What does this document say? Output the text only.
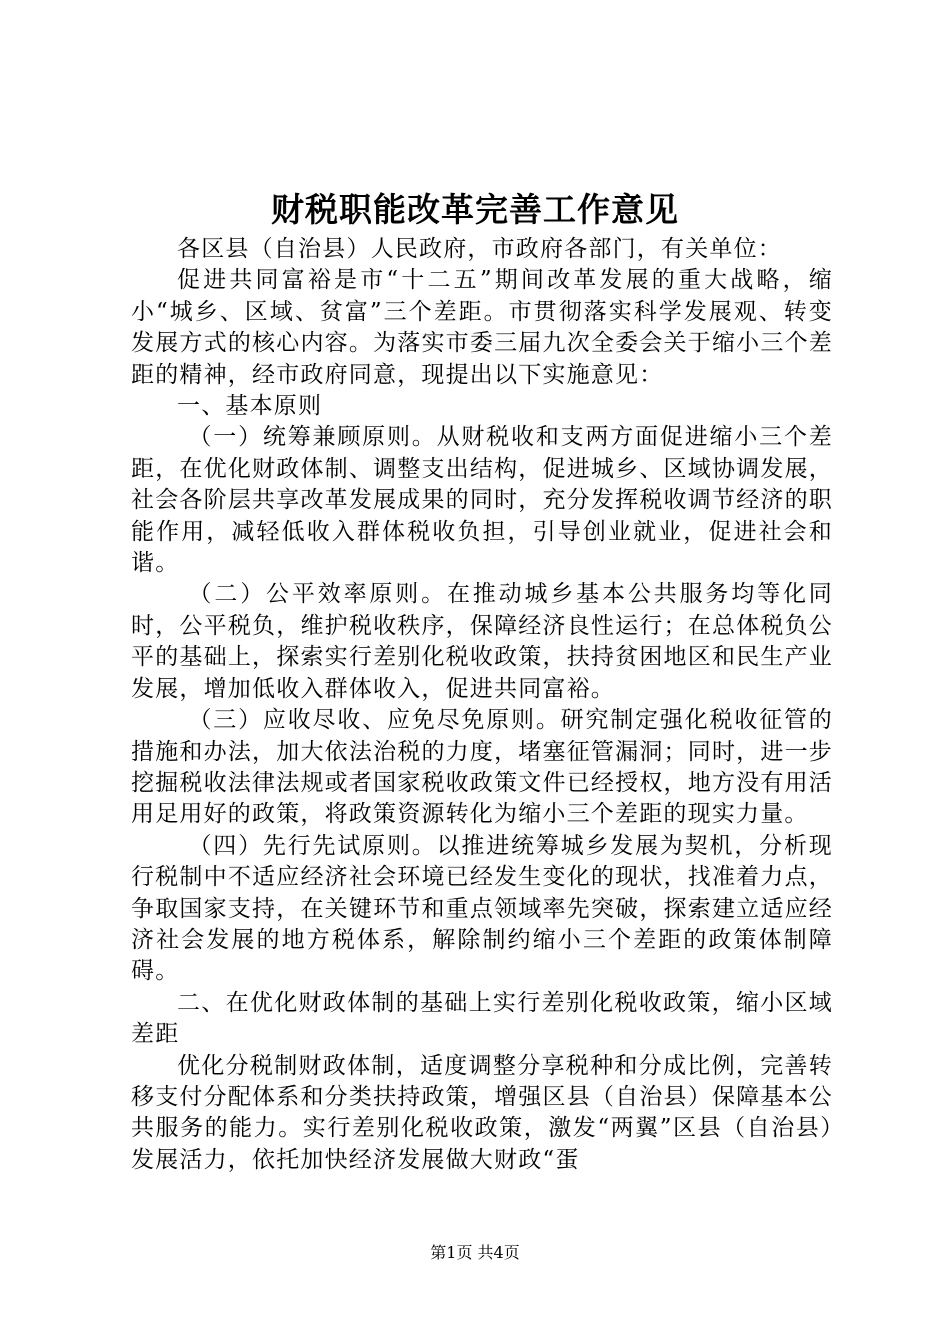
财税职能改革完善工作意见

各区县（自治县）人民政府，市政府各部门，有关单位：

促进共同富裕是市“十二五”期间改革发展的重大战略，缩小“城乡、区域、贫富”三个差距。市贯彻落实科学发展观、转变发展方式的核心内容。为落实市委三届九次全委会关于缩小三个差距的精神，经市政府同意，现提出以下实施意见：

一、基本原则

（一）统筹兼顾原则。从财税收和支两方面促进缩小三个差距，在优化财政体制、调整支出结构，促进城乡、区域协调发展，社会各阶层共享改革发展成果的同时，充分发挥税收调节经济的职能作用，减轻低收入群体税收负担，引导创业就业，促进社会和谐。

（二）公平效率原则。在推动城乡基本公共服务均等化同时，公平税负，维护税收秩序，保障经济良性运行；在总体税负公平的基础上，探索实行差别化税收政策，扶持贫困地区和民生产业发展，增加低收入群体收入，促进共同富裕。

（三）应收尽收、应免尽免原则。研究制定强化税收征管的措施和办法，加大依法治税的力度，堵塞征管漏洞；同时，进一步挖掘税收法律法规或者国家税收政策文件已经授权，地方没有用活用足用好的政策，将政策资源转化为缩小三个差距的现实力量。

（四）先行先试原则。以推进统筹城乡发展为契机，分析现行税制中不适应经济社会环境已经发生变化的现状，找准着力点，争取国家支持，在关键环节和重点领域率先突破，探索建立适应经济社会发展的地方税体系，解除制约缩小三个差距的政策体制障碍。

二、在优化财政体制的基础上实行差别化税收政策，缩小区域差距

优化分税制财政体制，适度调整分享税种和分成比例，完善转移支付分配体系和分类扶持政策，增强区县（自治县）保障基本公共服务的能力。实行差别化税收政策，激发“两翼”区县（自治县）发展活力，依托加快经济发展做大财政“蛋

第1页 共4页
